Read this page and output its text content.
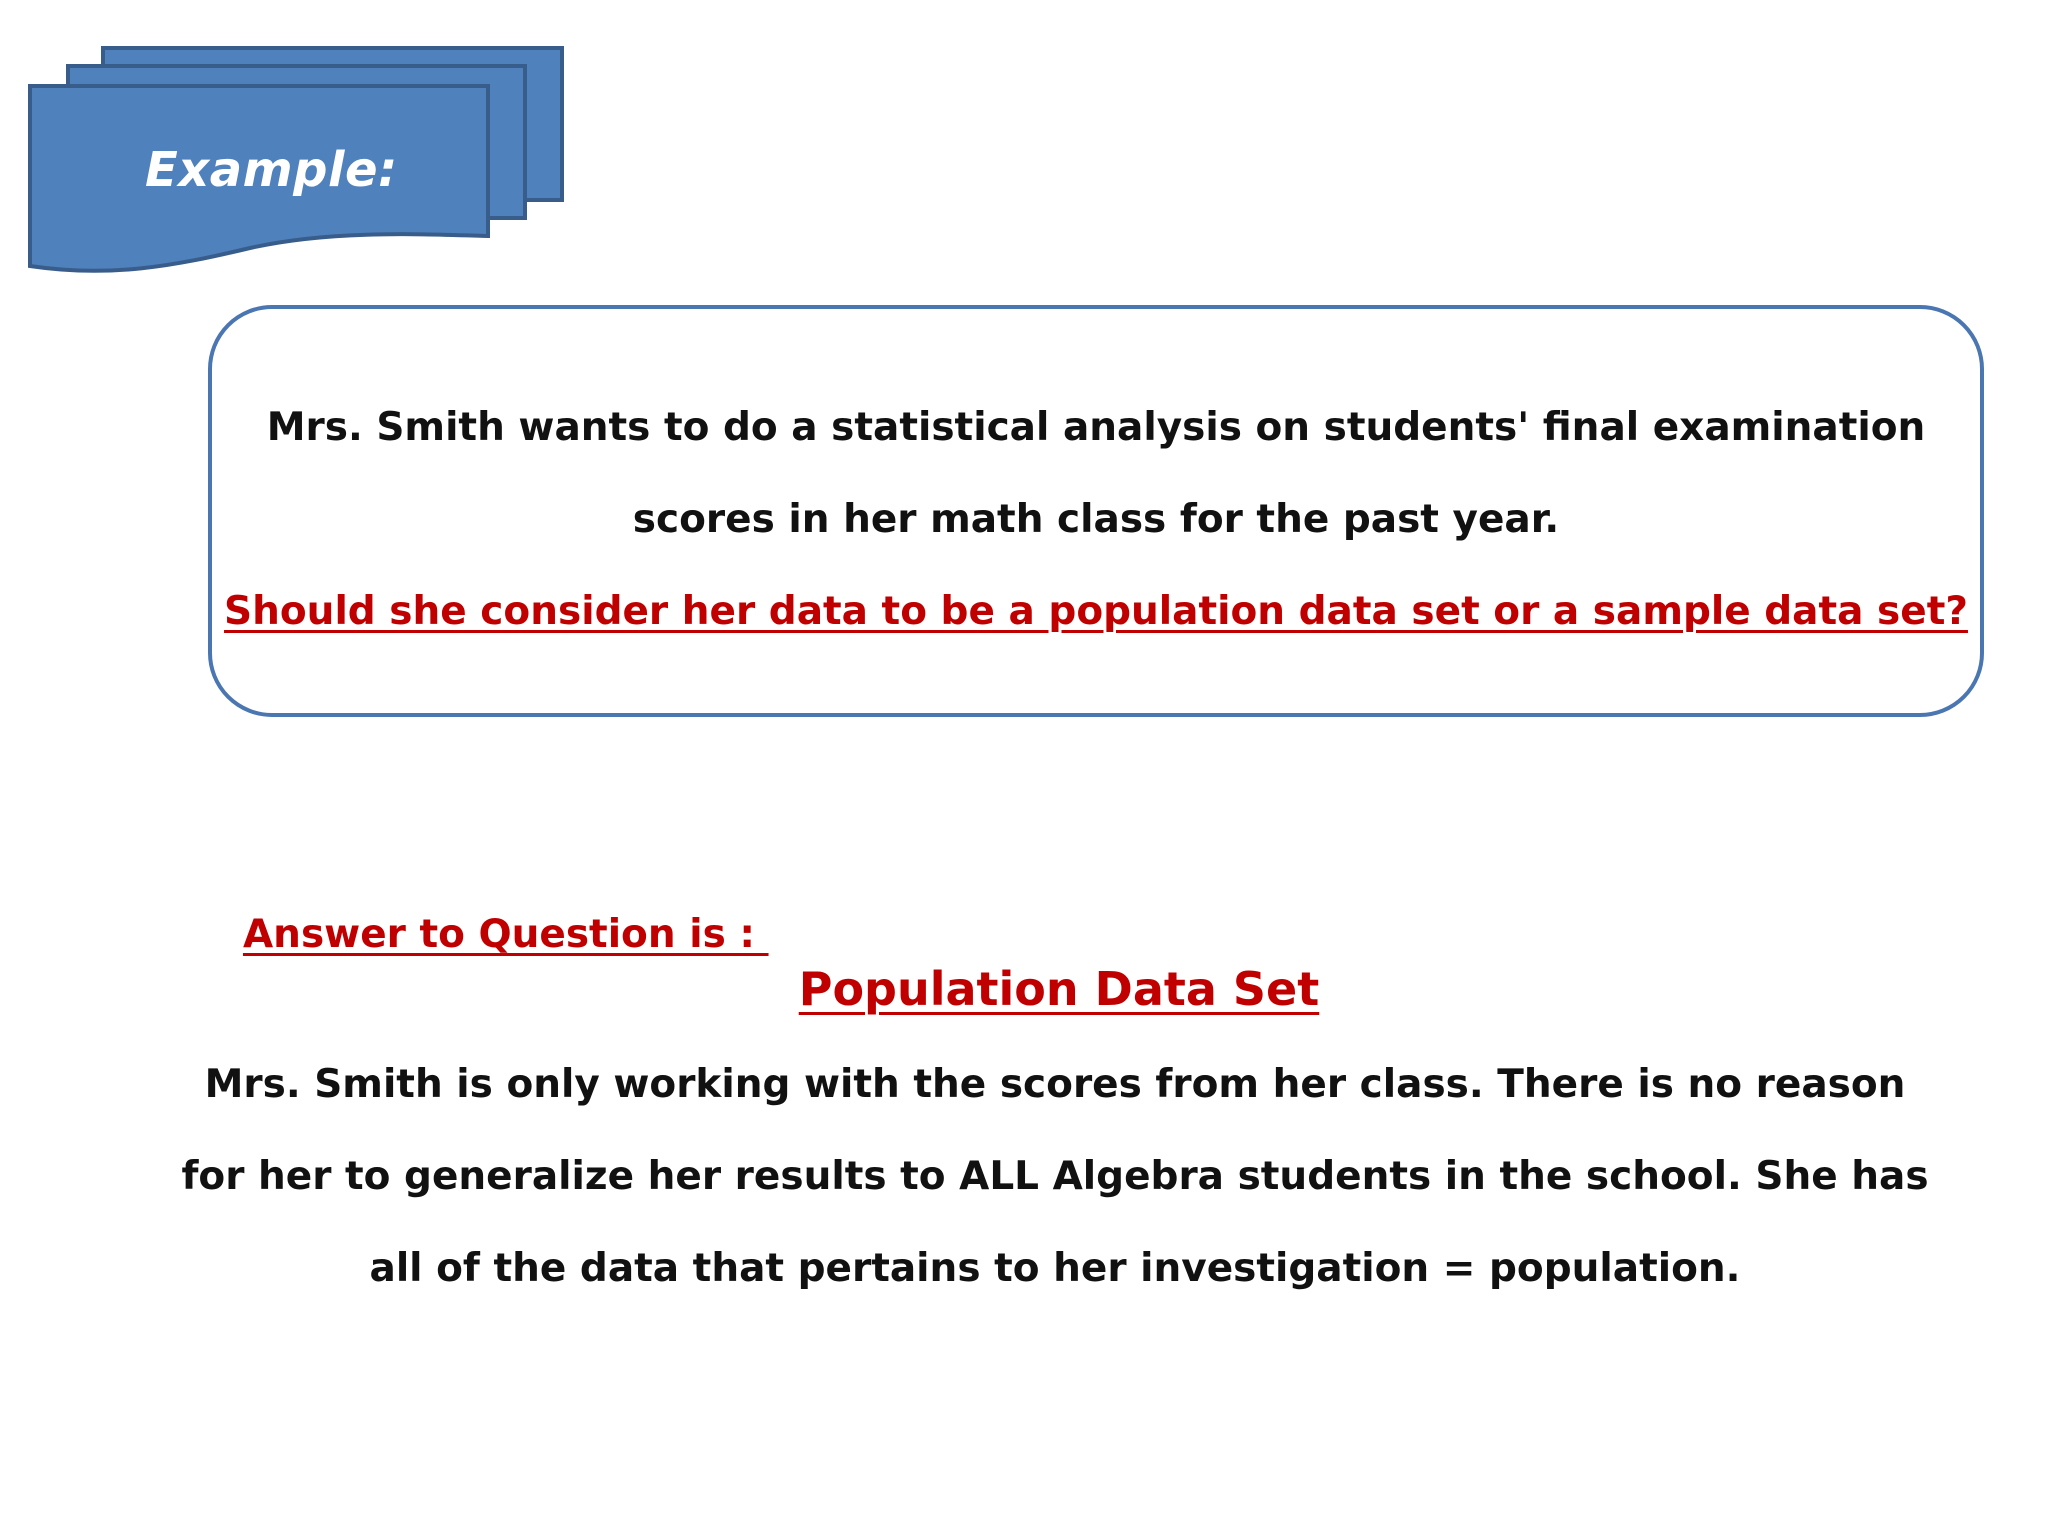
Example:
Mrs. Smith wants to do a statistical analysis on students' final examination
scores in her math class for the past year.
Should she consider her data to be a population data set or a sample data set?
Answer to Question is :
Population Data Set
Mrs. Smith is only working with the scores from her class. There is no reason
for her to generalize her results to ALL Algebra students in the school. She has
all of the data that pertains to her investigation = population.
